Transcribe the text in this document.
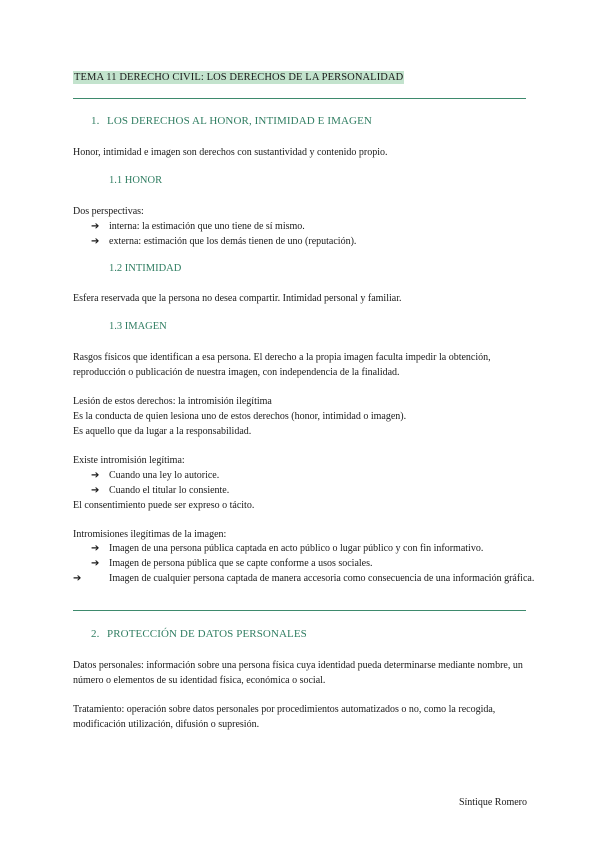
TEMA 11 DERECHO CIVIL: LOS DERECHOS DE LA PERSONALIDAD
1. LOS DERECHOS AL HONOR, INTIMIDAD E IMAGEN
Honor, intimidad e imagen son derechos con sustantividad y contenido propio.
1.1 HONOR
Dos perspectivas:
➔ interna: la estimación que uno tiene de sí mismo.
➔ externa: estimación que los demás tienen de uno (reputación).
1.2 INTIMIDAD
Esfera reservada que la persona no desea compartir. Intimidad personal y familiar.
1.3 IMAGEN
Rasgos físicos que identifican a esa persona. El derecho a la propia imagen faculta impedir la obtención, reproducción o publicación de nuestra imagen, con independencia de la finalidad.
Lesión de estos derechos: la intromisión ilegítima
Es la conducta de quien lesiona uno de estos derechos (honor, intimidad o imagen).
Es aquello que da lugar a la responsabilidad.
Existe intromisión legítima:
➔ Cuando una ley lo autorice.
➔ Cuando el titular lo consiente.
El consentimiento puede ser expreso o tácito.
Intromisiones ilegítimas de la imagen:
➔ Imagen de una persona pública captada en acto público o lugar público y con fin informativo.
➔ Imagen de persona pública que se capte conforme a usos sociales.
➔	Imagen de cualquier persona captada de manera accesoria como consecuencia de una información gráfica.
2. PROTECCIÓN DE DATOS PERSONALES
Datos personales: información sobre una persona física cuya identidad pueda determinarse mediante nombre, un número o elementos de su identidad física, económica o social.
Tratamiento: operación sobre datos personales por procedimientos automatizados o no, como la recogida, modificación utilización, difusión o supresión.
Síntique Romero
